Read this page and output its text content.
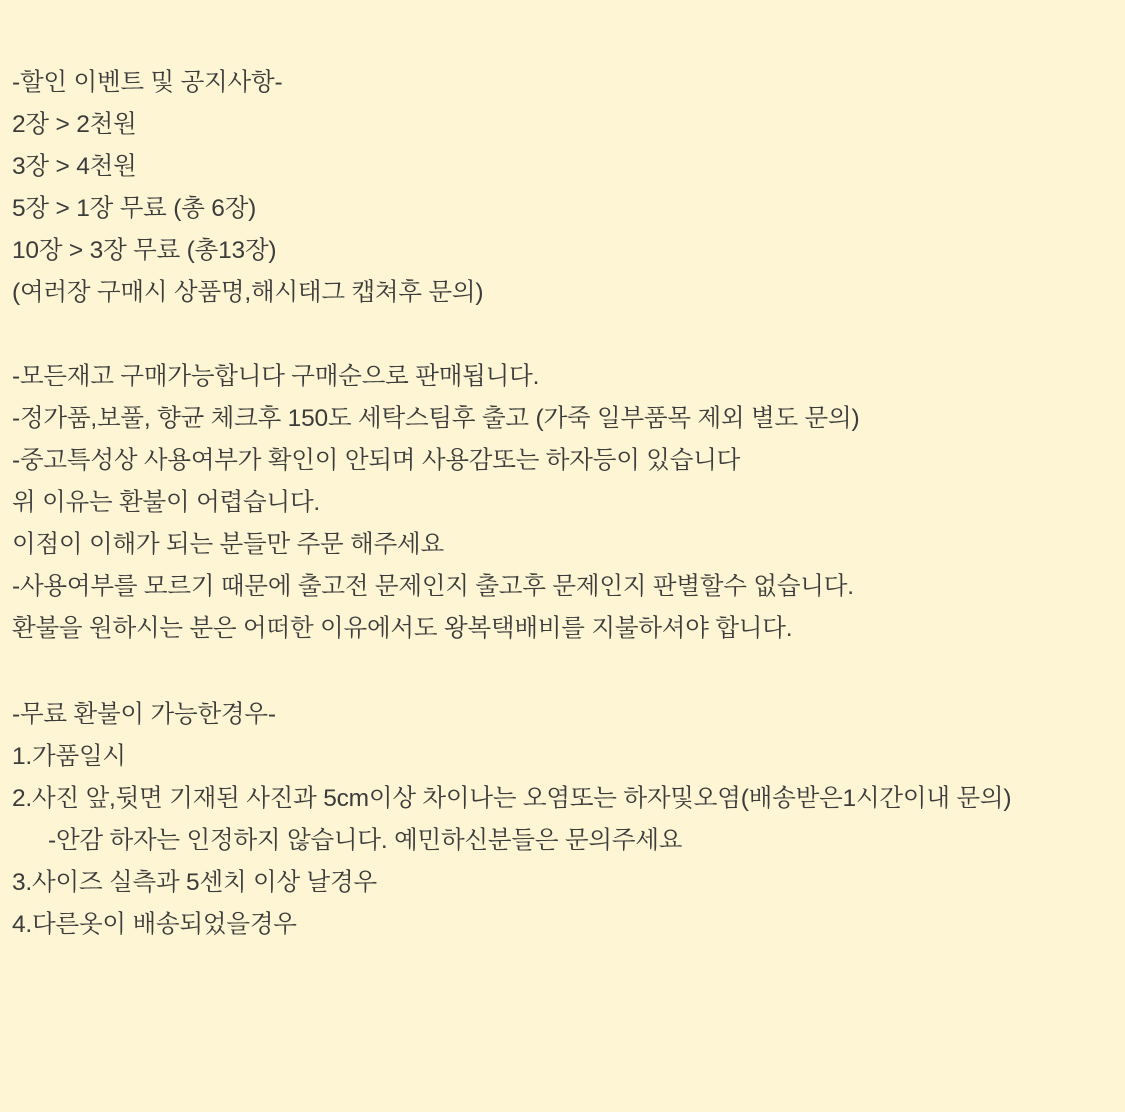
-할인 이벤트 및 공지사항-
2장 > 2천원
3장 > 4천원
5장 > 1장 무료 (총 6장)
10장 > 3장 무료 (총13장)
(여러장 구매시 상품명,해시태그 캡쳐후 문의)
-모든재고 구매가능합니다 구매순으로 판매됩니다.
-정가품,보풀, 향균 체크후 150도 세탁스팀후 출고 (가죽 일부품목 제외 별도 문의)
-중고특성상 사용여부가 확인이 안되며 사용감또는 하자등이 있습니다
위 이유는 환불이 어렵습니다.
이점이 이해가 되는 분들만 주문 해주세요
-사용여부를 모르기 때문에 출고전 문제인지 출고후 문제인지 판별할수 없습니다.
환불을 원하시는 분은 어떠한 이유에서도 왕복택배비를 지불하셔야 합니다.
-무료 환불이 가능한경우-
1.가품일시
2.사진 앞,뒷면 기재된 사진과 5cm이상 차이나는 오염또는 하자및오염(배송받은1시간이내 문의)
-안감 하자는 인정하지 않습니다. 예민하신분들은 문의주세요
3.사이즈 실측과 5센치 이상 날경우
4.다른옷이 배송되었을경우
